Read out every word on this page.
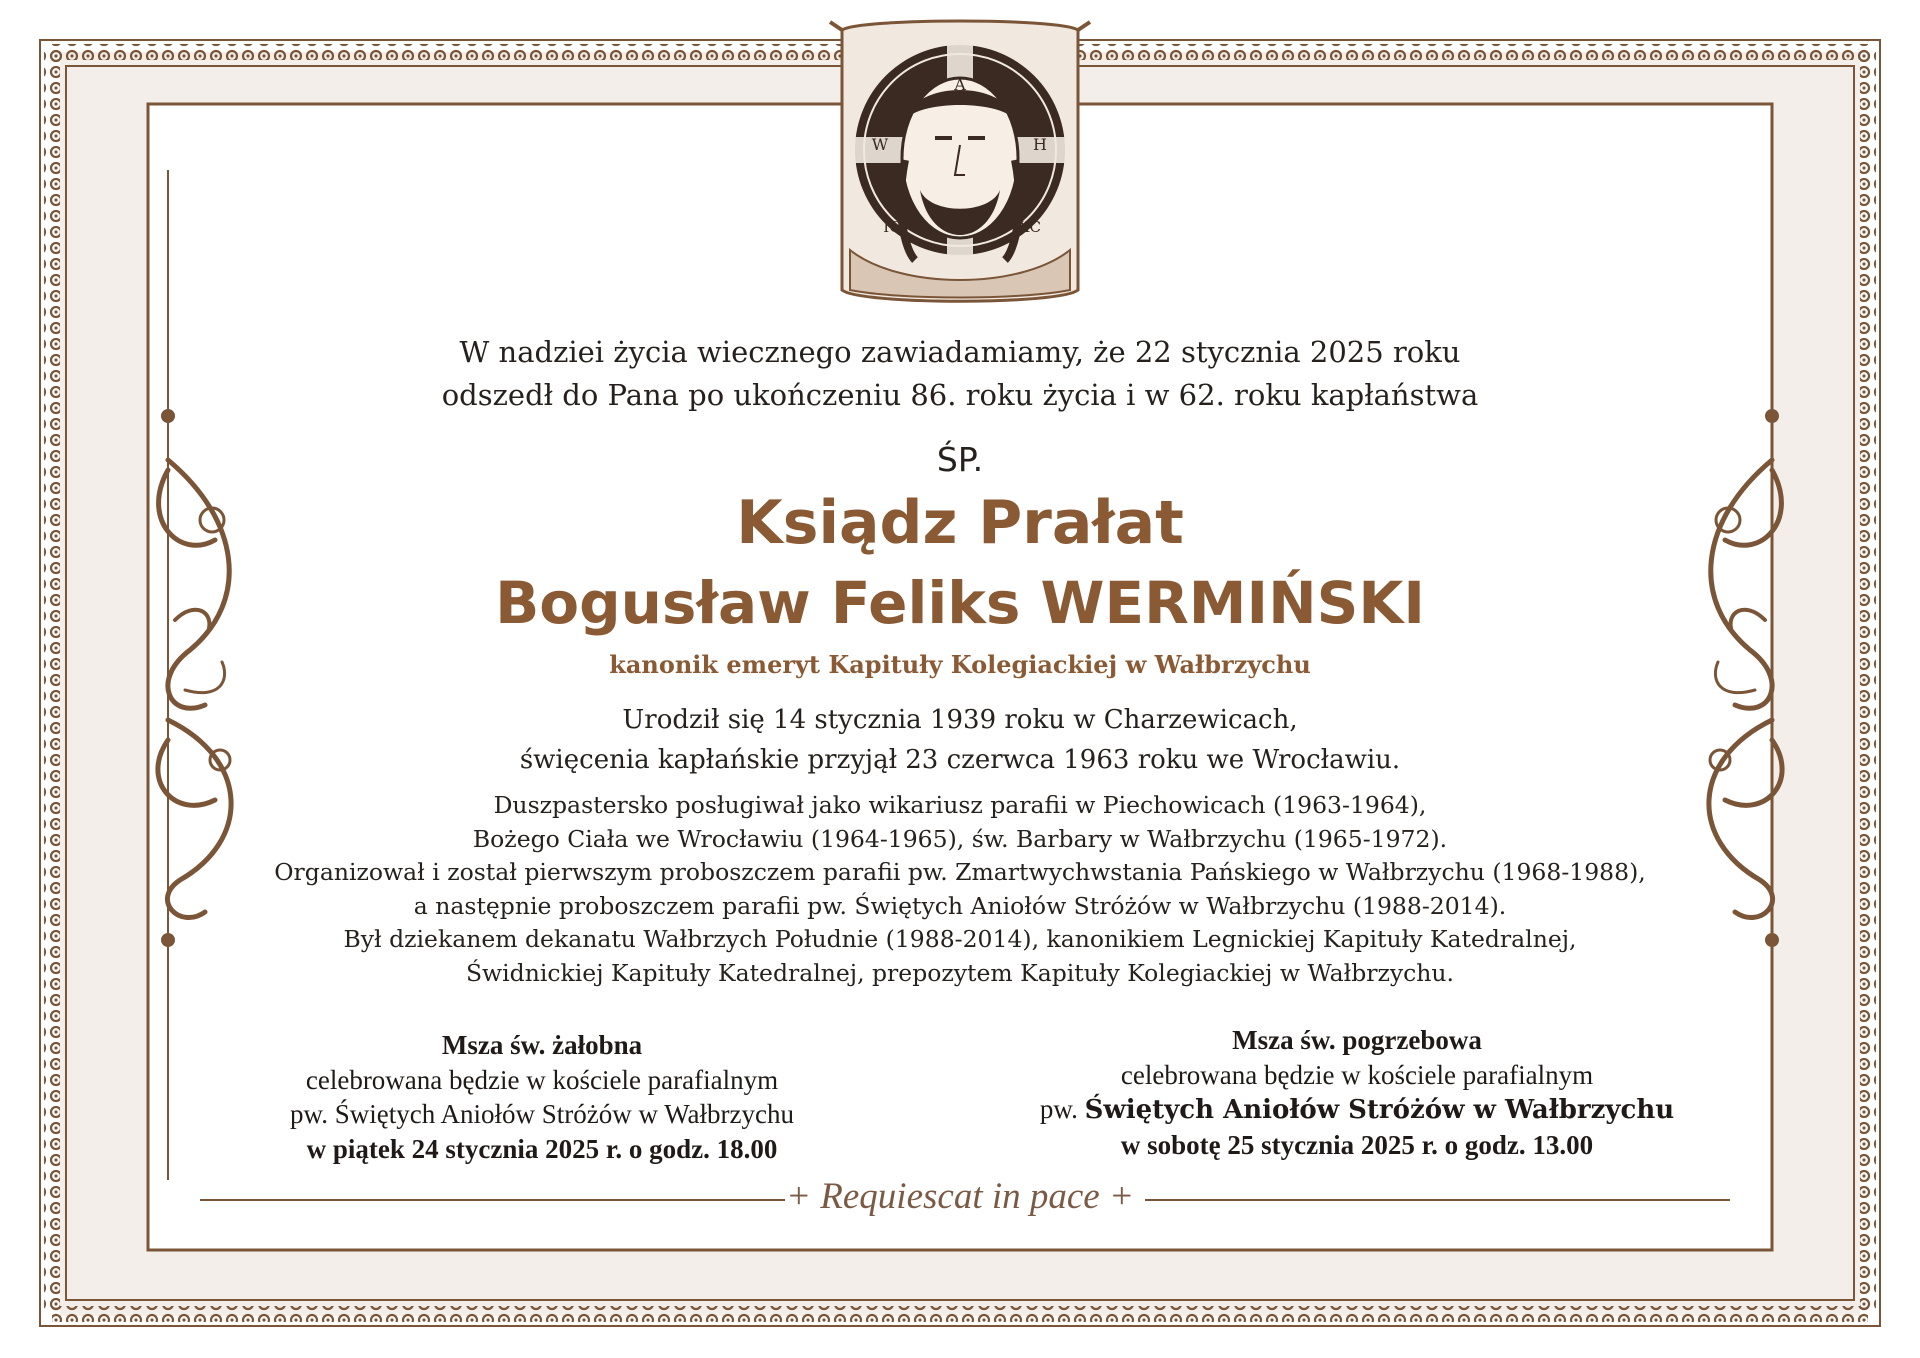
A
W	H
IC	XC
W nadziei życia wiecznego zawiadamiamy, że 22 stycznia 2025 roku
odszedł do Pana po ukończeniu 86. roku życia i w 62. roku kapłaństwa
ŚP.
Ksiądz Prałat
Bogusław Feliks WERMIŃSKI
kanonik emeryt Kapituły Kolegiackiej w Wałbrzychu
Urodził się 14 stycznia 1939 roku w Charzewicach,
święcenia kapłańskie przyjął 23 czerwca 1963 roku we Wrocławiu.
Duszpastersko posługiwał jako wikariusz parafii w Piechowicach (1963-1964),
Bożego Ciała we Wrocławiu (1964-1965), św. Barbary w Wałbrzychu (1965-1972).
Organizował i został pierwszym proboszczem parafii pw. Zmartwychwstania Pańskiego w Wałbrzychu (1968-1988),
a następnie proboszczem parafii pw. Świętych Aniołów Stróżów w Wałbrzychu (1988-2014).
Był dziekanem dekanatu Wałbrzych Południe (1988-2014), kanonikiem Legnickiej Kapituły Katedralnej,
Świdnickiej Kapituły Katedralnej, prepozytem Kapituły Kolegiackiej w Wałbrzychu.
Msza św. żałobna
celebrowana będzie w kościele parafialnym
pw. Świętych Aniołów Stróżów w Wałbrzychu
w piątek 24 stycznia 2025 r. o godz. 18.00
Msza św. pogrzebowa
celebrowana będzie w kościele parafialnym
pw. Świętych Aniołów Stróżów w Wałbrzychu
w sobotę 25 stycznia 2025 r. o godz. 13.00
+ Requiescat in pace +
